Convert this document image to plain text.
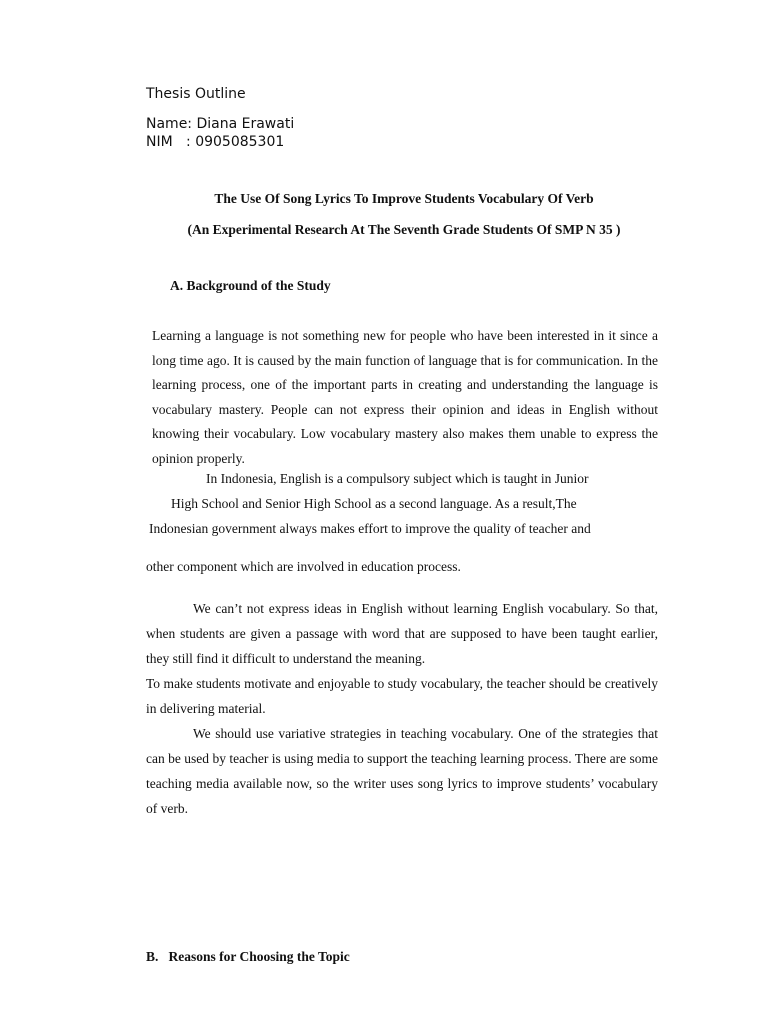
Thesis Outline
Name: Diana Erawati
NIM   : 0905085301
The Use Of Song Lyrics To Improve Students Vocabulary Of Verb
(An Experimental Research At The Seventh Grade Students Of SMP N 35 )
A. Background of the Study

Learning a language is not something new for people who have been interested in it since a long time ago. It is caused by the main function of language that is for communication. In the learning process, one of the important parts in creating and understanding the language is vocabulary mastery. People can not express their opinion and ideas in English without knowing their vocabulary. Low vocabulary mastery also makes them unable to express the opinion properly.

In Indonesia, English is a compulsory subject which is taught in Junior

High School and Senior High School as a second language. As a result,The

Indonesian government always makes effort to improve the quality of teacher and

other component which are involved in education process.

We can’t not express ideas in English without learning English vocabulary. So that, when students are given a passage with word that are supposed to have been taught earlier, they still find it difficult to understand the meaning.

To make students motivate and enjoyable to study vocabulary, the teacher should be creatively in delivering material.

We should use variative strategies in teaching vocabulary. One of the strategies that can be used by teacher is using media to support the teaching learning process. There are some teaching media available now, so the writer uses song lyrics to improve students’ vocabulary of verb.

B.   Reasons for Choosing the Topic
